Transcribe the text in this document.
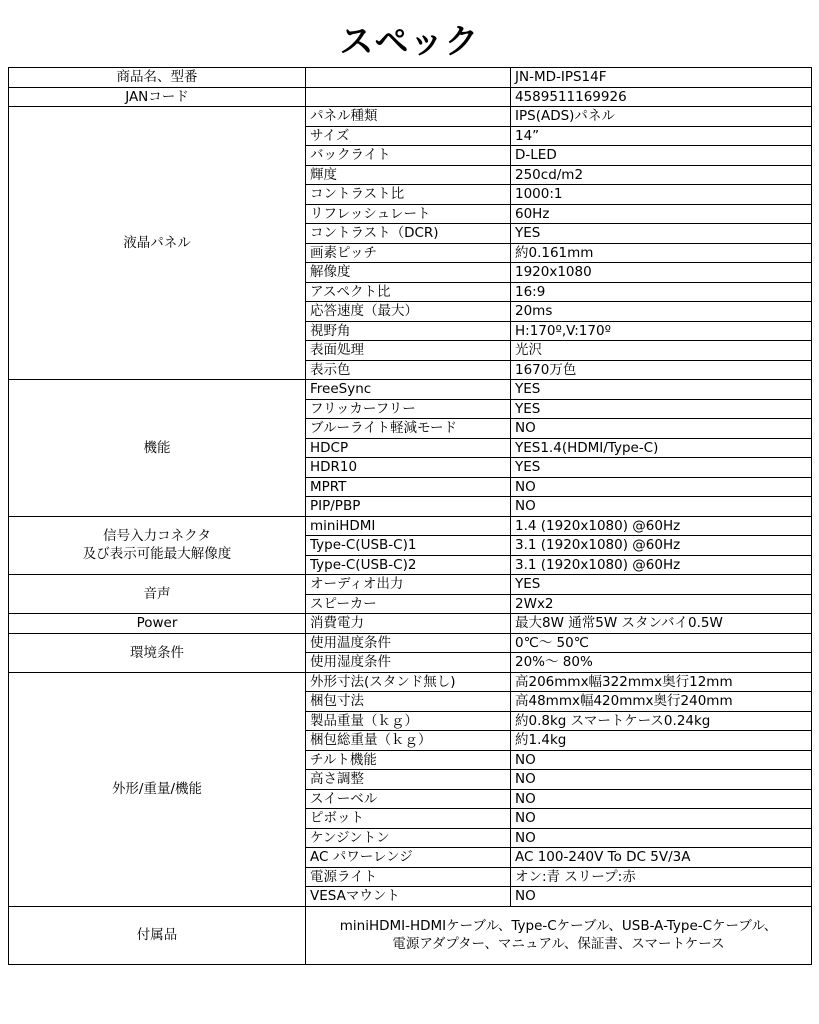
スペック
商品名、型番		JN-MD-IPS14F
JANコード		4589511169926
液晶パネル	パネル種類	IPS(ADS)パネル
	サイズ	14”
	バックライト	D-LED
	輝度	250cd/m2
	コントラスト比	1000:1
	リフレッシュレート	60Hz
	コントラスト（DCR)	YES
	画素ピッチ	約0.161mm
	解像度	1920x1080
	アスペクト比	16:9
	応答速度（最大）	20ms
	視野角	H:170º,V:170º
	表面処理	光沢
	表示色	1670万色
機能	FreeSync	YES
	フリッカーフリー	YES
	ブルーライト軽減モード	NO
	HDCP	YES1.4(HDMI/Type-C)
	HDR10	YES
	MPRT	NO
	PIP/PBP	NO
信号入力コネクタ
及び表示可能最大解像度	miniHDMI	1.4 (1920x1080) @60Hz
	Type-C(USB-C)1	3.1 (1920x1080) @60Hz
	Type-C(USB-C)2	3.1 (1920x1080) @60Hz
音声	オーディオ出力	YES
	スピーカー	2Wx2
Power	消費電力	最大8W 通常5W スタンバイ0.5W
環境条件	使用温度条件	0℃～ 50℃
	使用湿度条件	20%～ 80%
外形/重量/機能	外形寸法(スタンド無し)	高206mmx幅322mmx奥行12mm
	梱包寸法	高48mmx幅420mmx奥行240mm
	製品重量（ｋｇ）	約0.8kg スマートケース0.24kg
	梱包総重量（ｋｇ）	約1.4kg
	チルト機能	NO
	高さ調整	NO
	スイーベル	NO
	ピボット	NO
	ケンジントン	NO
	AC パワーレンジ	AC 100-240V To DC 5V/3A
	電源ライト	オン:青 スリープ:赤
	VESAマウント	NO
付属品	miniHDMI-HDMIケーブル、Type-Cケーブル、USB-A-Type-Cケーブル、
電源アダプター、マニュアル、保証書、スマートケース	
